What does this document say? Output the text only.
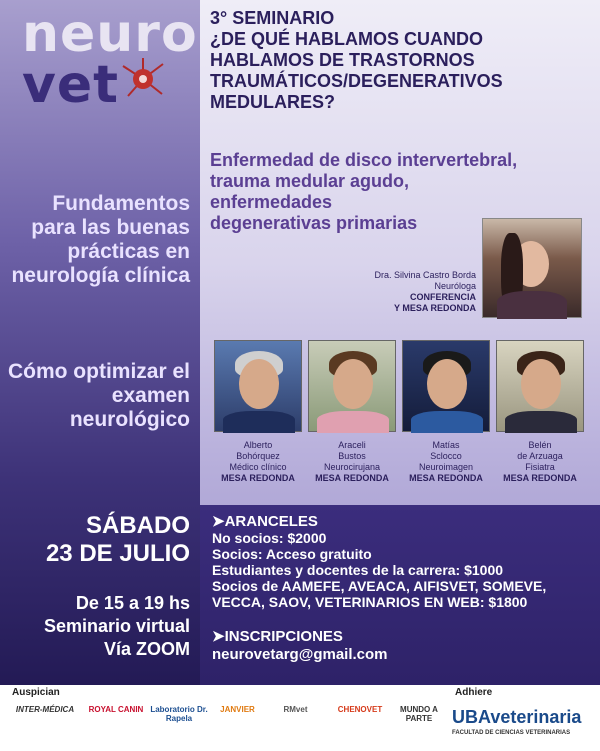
neuro
vet
Fundamentos para las buenas prácticas en neurología clínica
Cómo optimizar el examen neurológico
SÁBADO
23 DE JULIO
De 15 a 19 hs
Seminario virtual
Vía ZOOM
3° SEMINARIO
¿DE QUÉ HABLAMOS CUANDO
HABLAMOS DE TRASTORNOS
TRAUMÁTICOS/DEGENERATIVOS
MEDULARES?
Enfermedad de disco intervertebral,
trauma medular agudo,
enfermedades
degenerativas primarias
Dra. Silvina Castro Borda
Neuróloga
CONFERENCIA
Y MESA REDONDA
Alberto
Bohórquez
Médico clínico
MESA REDONDA
Araceli
Bustos
Neurocirujana
MESA REDONDA
Matías
Sclocco
Neuroimagen
MESA REDONDA
Belén
de Arzuaga
Fisiatra
MESA REDONDA
➤ARANCELES
No socios: $2000
Socios: Acceso gratuito
Estudiantes y docentes de la carrera: $1000
Socios de AAMEFE, AVEACA, AIFISVET, SOMEVE,
VECCA, SAOV, VETERINARIOS EN WEB: $1800
➤INSCRIPCIONES
neurovetarg@gmail.com
Auspician	Adhiere
INTER-MÉDICA	ROYAL CANIN Laboratorio Dr. Rapela
JANVIER	RMvet	CHENOVET	MUNDO A PARTE	UBAveterinaria
FACULTAD DE CIENCIAS VETERINARIAS
